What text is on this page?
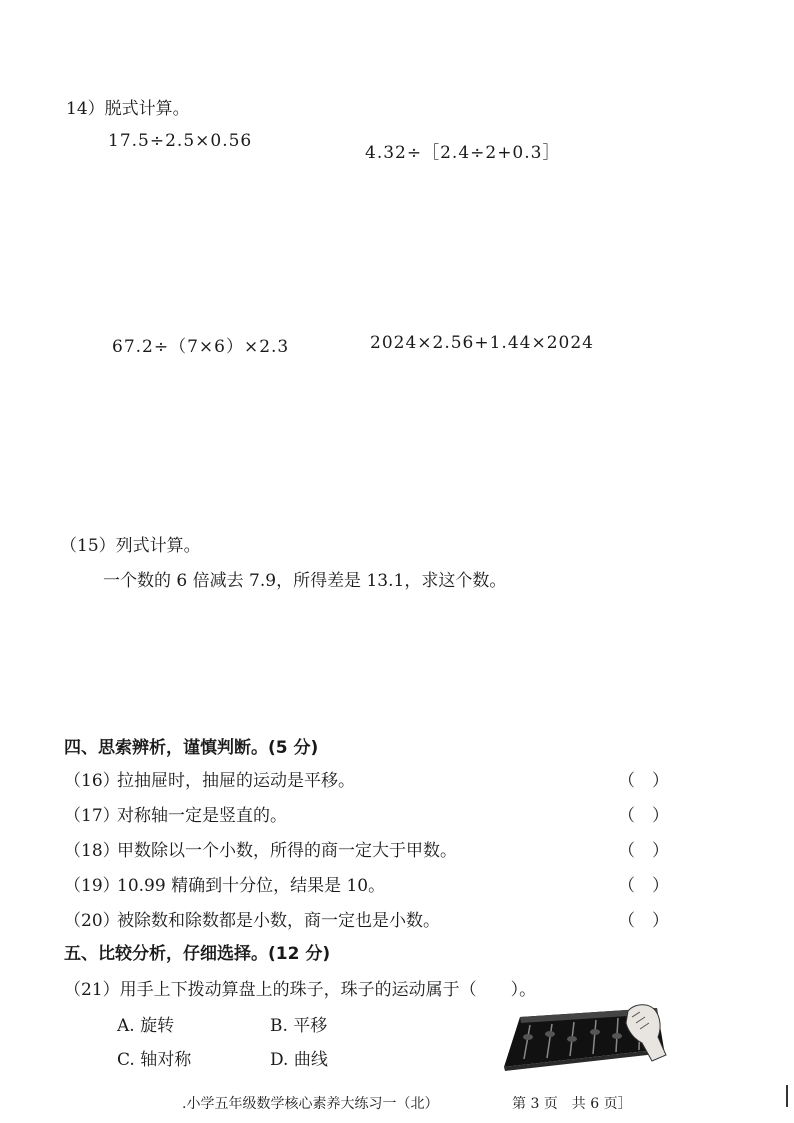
14）脱式计算。
17.5÷2.5×0.56
4.32÷［2.4÷2+0.3］
67.2÷（7×6）×2.3	2024×2.56+1.44×2024
（15）列式计算。
一个数的 6 倍减去 7.9，所得差是 13.1，求这个数。
四、思索辨析，谨慎判断。(5 分)
（16）
拉抽屉时，抽屉的运动是平移。	（　）
（17）
对称轴一定是竖直的。	（　）
（18）
甲数除以一个小数，所得的商一定大于甲数。	（　）
（19）
10.99 精确到十分位，结果是 10。	（　）
（20）
被除数和除数都是小数，商一定也是小数。	（　）
五、比较分析，仔细选择。(12 分)
（21）用手上下拨动算盘上的珠子，珠子的运动属于（　　）。
A. 旋转	B. 平移
C. 轴对称	D. 曲线
.小学五年级数学核心素养大练习一（北）	第 3 页　共 6 页］
